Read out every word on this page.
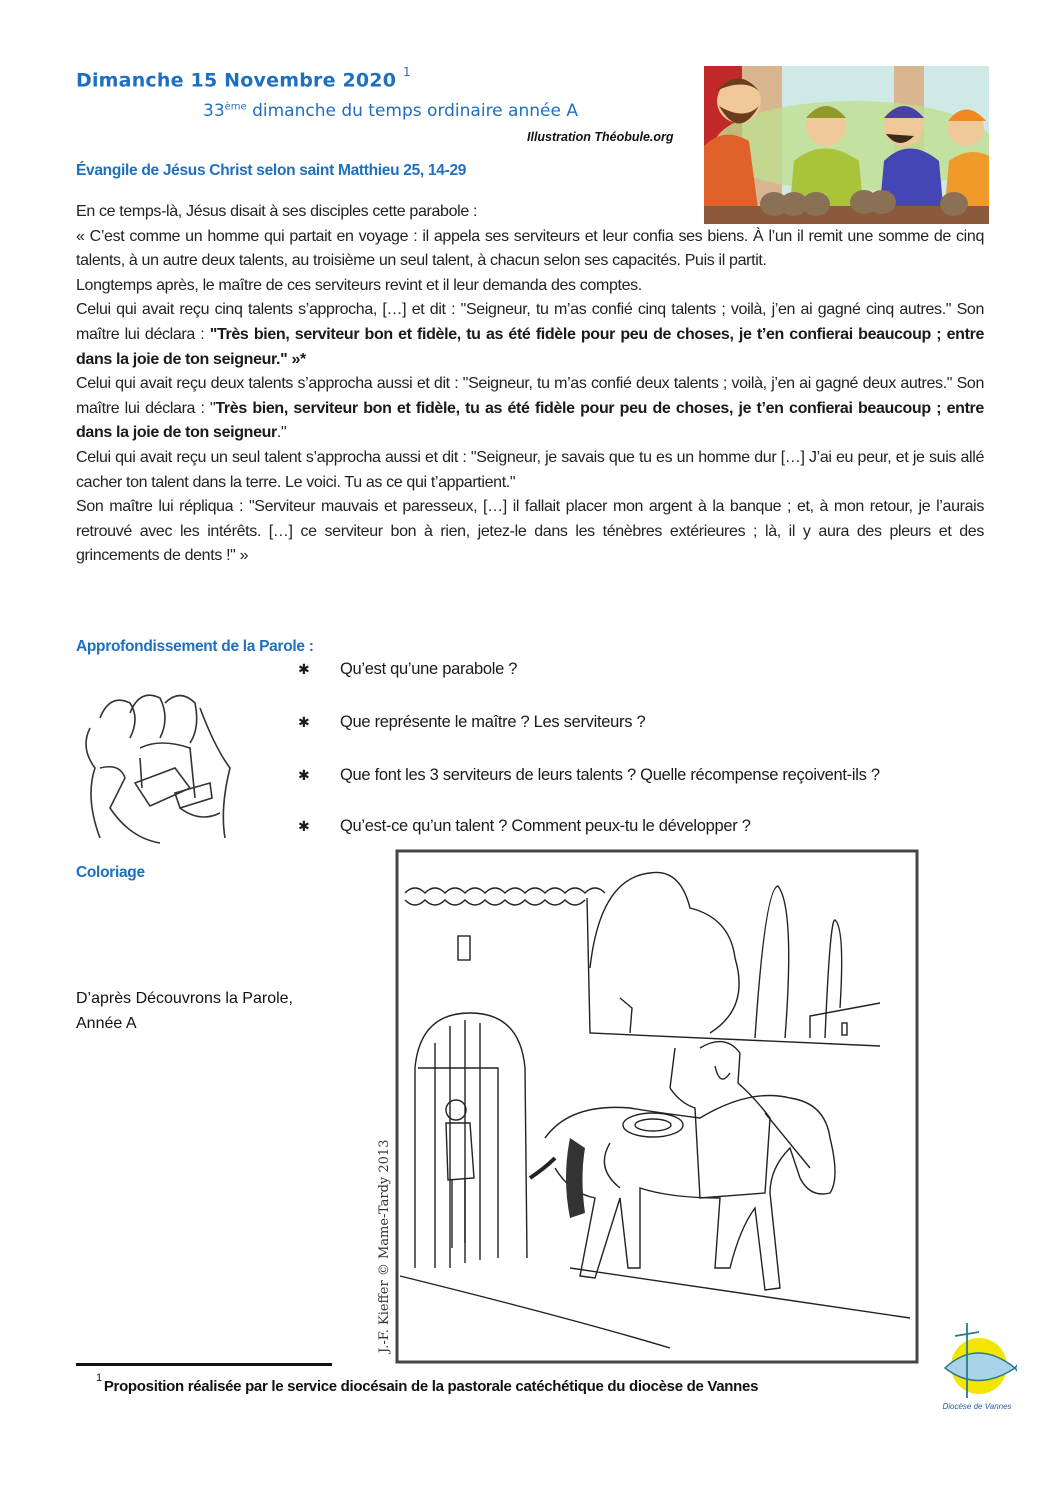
Dimanche 15 Novembre 2020 $^1$
33ème dimanche du temps ordinaire année A
Illustration Théobule.org
Évangile de Jésus Christ selon saint Matthieu 25, 14-29

En ce temps-là, Jésus disait à ses disciples cette parabole :

« C’est comme un homme qui partait en voyage : il appela ses serviteurs et leur confia ses biens. À l’un il remit une somme de cinq talents, à un autre deux talents, au troisième un seul talent, à chacun selon ses capacités. Puis il partit.

Longtemps après, le maître de ces serviteurs revint et il leur demanda des comptes.

Celui qui avait reçu cinq talents s’approcha, […] et dit : "Seigneur, tu m’as confié cinq talents ; voilà, j’en ai gagné cinq autres." Son maître lui déclara : "Très bien, serviteur bon et fidèle, tu as été fidèle pour peu de choses, je t’en confierai beaucoup ; entre dans la joie de ton seigneur." »*

Celui qui avait reçu deux talents s’approcha aussi et dit : "Seigneur, tu m’as confié deux talents ; voilà, j’en ai gagné deux autres." Son maître lui déclara : "Très bien, serviteur bon et fidèle, tu as été fidèle pour peu de choses, je t’en confierai beaucoup ; entre dans la joie de ton seigneur."

Celui qui avait reçu un seul talent s’approcha aussi et dit : "Seigneur, je savais que tu es un homme dur […] J’ai eu peur, et je suis allé cacher ton talent dans la terre. Le voici. Tu as ce qui t’appartient."

Son maître lui répliqua : "Serviteur mauvais et paresseux, […] il fallait placer mon argent à la banque ; et, à mon retour, je l’aurais retrouvé avec les intérêts. […] ce serviteur bon à rien, jetez-le dans les ténèbres extérieures ; là, il y aura des pleurs et des grincements de dents !" »

Approfondissement de la Parole :
✱ Qu’est qu’une parabole ?
✱ Que représente le maître ? Les serviteurs ?
✱ Que font les 3 serviteurs de leurs talents ? Quelle récompense reçoivent-ils ?
✱ Qu’est-ce qu’un talent ? Comment peux-tu le développer ?
Coloriage
D’après Découvrons la Parole,
Année A
J.-F. Kieffer © Mame-Tardy 2013
$^1$ Proposition réalisée par le service diocésain de la pastorale catéchétique du diocèse de Vannes
Diocèse de Vannes
